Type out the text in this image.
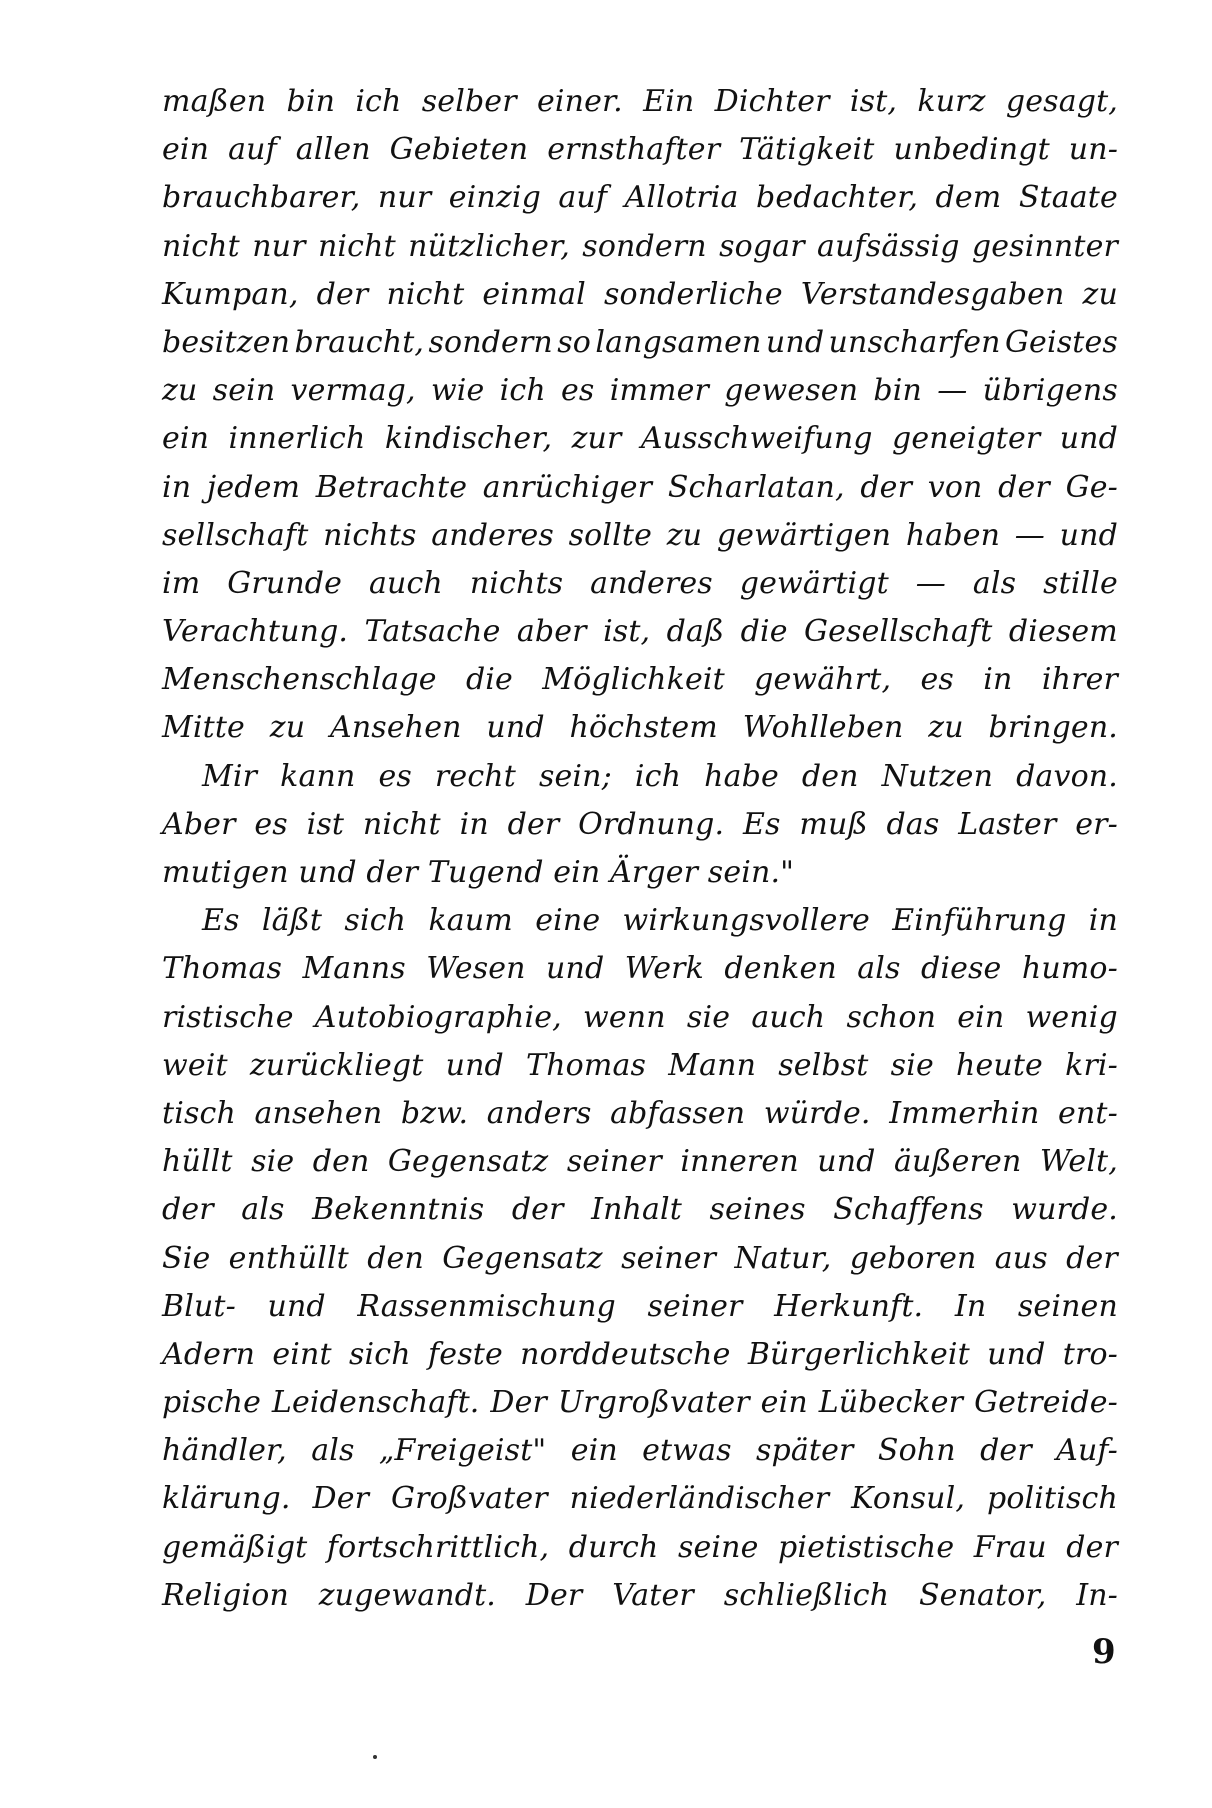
maßen bin ich selber einer. Ein Dichter ist, kurz gesagt,
ein auf allen Gebieten ernsthafter Tätigkeit unbedingt un-
brauchbarer, nur einzig auf Allotria bedachter, dem Staate
nicht nur nicht nützlicher, sondern sogar aufsässig gesinnter
Kumpan, der nicht einmal sonderliche Verstandesgaben zu
besitzen braucht, sondern so langsamen und unscharfen Geistes
zu sein vermag, wie ich es immer gewesen bin — übrigens
ein innerlich kindischer, zur Ausschweifung geneigter und
in jedem Betrachte anrüchiger Scharlatan, der von der Ge-
sellschaft nichts anderes sollte zu gewärtigen haben — und
im Grunde auch nichts anderes gewärtigt — als stille
Verachtung. Tatsache aber ist, daß die Gesellschaft diesem
Menschenschlage die Möglichkeit gewährt, es in ihrer
Mitte zu Ansehen und höchstem Wohlleben zu bringen.
Mir kann es recht sein; ich habe den Nutzen davon.
Aber es ist nicht in der Ordnung. Es muß das Laster er-
mutigen und der Tugend ein Ärger sein."
Es läßt sich kaum eine wirkungsvollere Einführung in
Thomas Manns Wesen und Werk denken als diese humo-
ristische Autobiographie, wenn sie auch schon ein wenig
weit zurückliegt und Thomas Mann selbst sie heute kri-
tisch ansehen bzw. anders abfassen würde. Immerhin ent-
hüllt sie den Gegensatz seiner inneren und äußeren Welt,
der als Bekenntnis der Inhalt seines Schaffens wurde.
Sie enthüllt den Gegensatz seiner Natur, geboren aus der
Blut- und Rassenmischung seiner Herkunft. In seinen
Adern eint sich feste norddeutsche Bürgerlichkeit und tro-
pische Leidenschaft. Der Urgroßvater ein Lübecker Getreide-
händler, als „Freigeist" ein etwas später Sohn der Auf-
klärung. Der Großvater niederländischer Konsul, politisch
gemäßigt fortschrittlich, durch seine pietistische Frau der
Religion zugewandt. Der Vater schließlich Senator, In-
9
